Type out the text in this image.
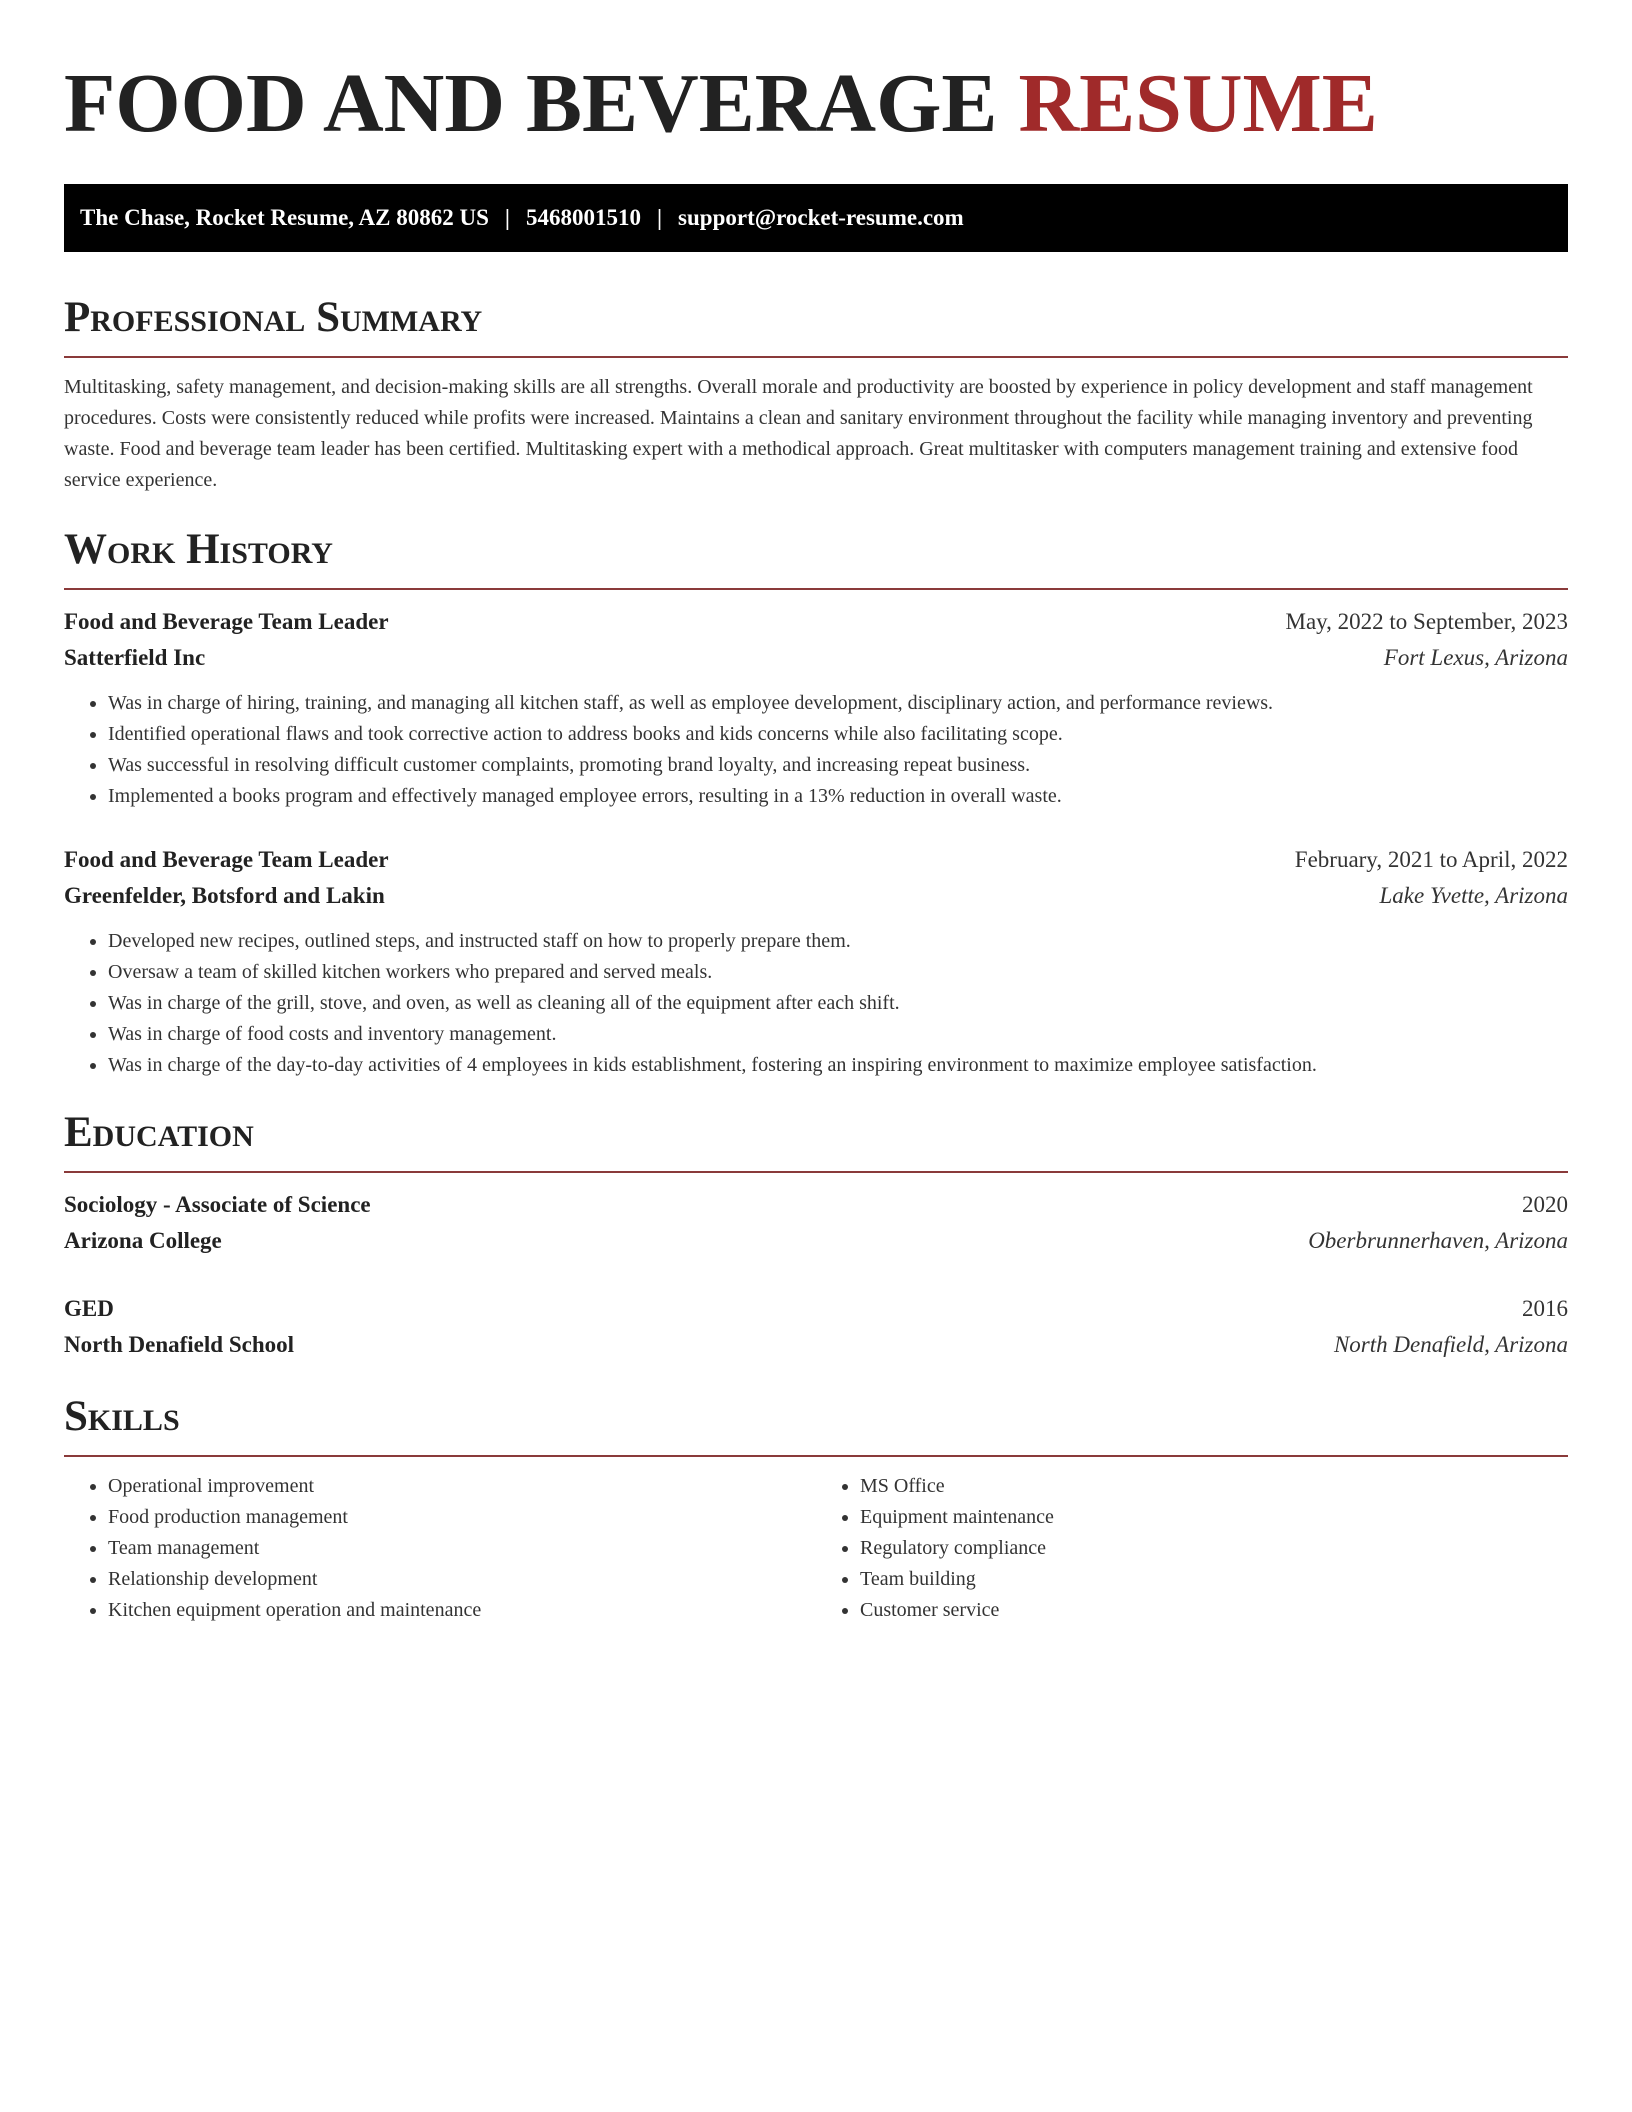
FOOD AND BEVERAGE RESUME
The Chase, Rocket Resume, AZ 80862 US | 5468001510 | support@rocket-resume.com
Professional Summary

Multitasking, safety management, and decision-making skills are all strengths. Overall morale and productivity are boosted by experience in policy development and staff management procedures. Costs were consistently reduced while profits were increased. Maintains a clean and sanitary environment throughout the facility while managing inventory and preventing waste. Food and beverage team leader has been certified. Multitasking expert with a methodical approach. Great multitasker with computers management training and extensive food service experience.

Work History
Food and Beverage Team Leader	May, 2022 to September, 2023
Satterfield Inc	Fort Lexus, Arizona
• Was in charge of hiring, training, and managing all kitchen staff, as well as employee development, disciplinary action, and performance reviews.
• Identified operational flaws and took corrective action to address books and kids concerns while also facilitating scope.
• Was successful in resolving difficult customer complaints, promoting brand loyalty, and increasing repeat business.
• Implemented a books program and effectively managed employee errors, resulting in a 13% reduction in overall waste.
Food and Beverage Team Leader	February, 2021 to April, 2022
Greenfelder, Botsford and Lakin	Lake Yvette, Arizona
• Developed new recipes, outlined steps, and instructed staff on how to properly prepare them.
• Oversaw a team of skilled kitchen workers who prepared and served meals.
• Was in charge of the grill, stove, and oven, as well as cleaning all of the equipment after each shift.
• Was in charge of food costs and inventory management.
• Was in charge of the day-to-day activities of 4 employees in kids establishment, fostering an inspiring environment to maximize employee satisfaction.
Education
Sociology - Associate of Science	2020
Arizona College	Oberbrunnerhaven, Arizona
GED	2016
North Denafield School	North Denafield, Arizona
Skills
• Operational improvement
• Food production management
• Team management
• Relationship development
• Kitchen equipment operation and maintenance
• MS Office
• Equipment maintenance
• Regulatory compliance
• Team building
• Customer service
